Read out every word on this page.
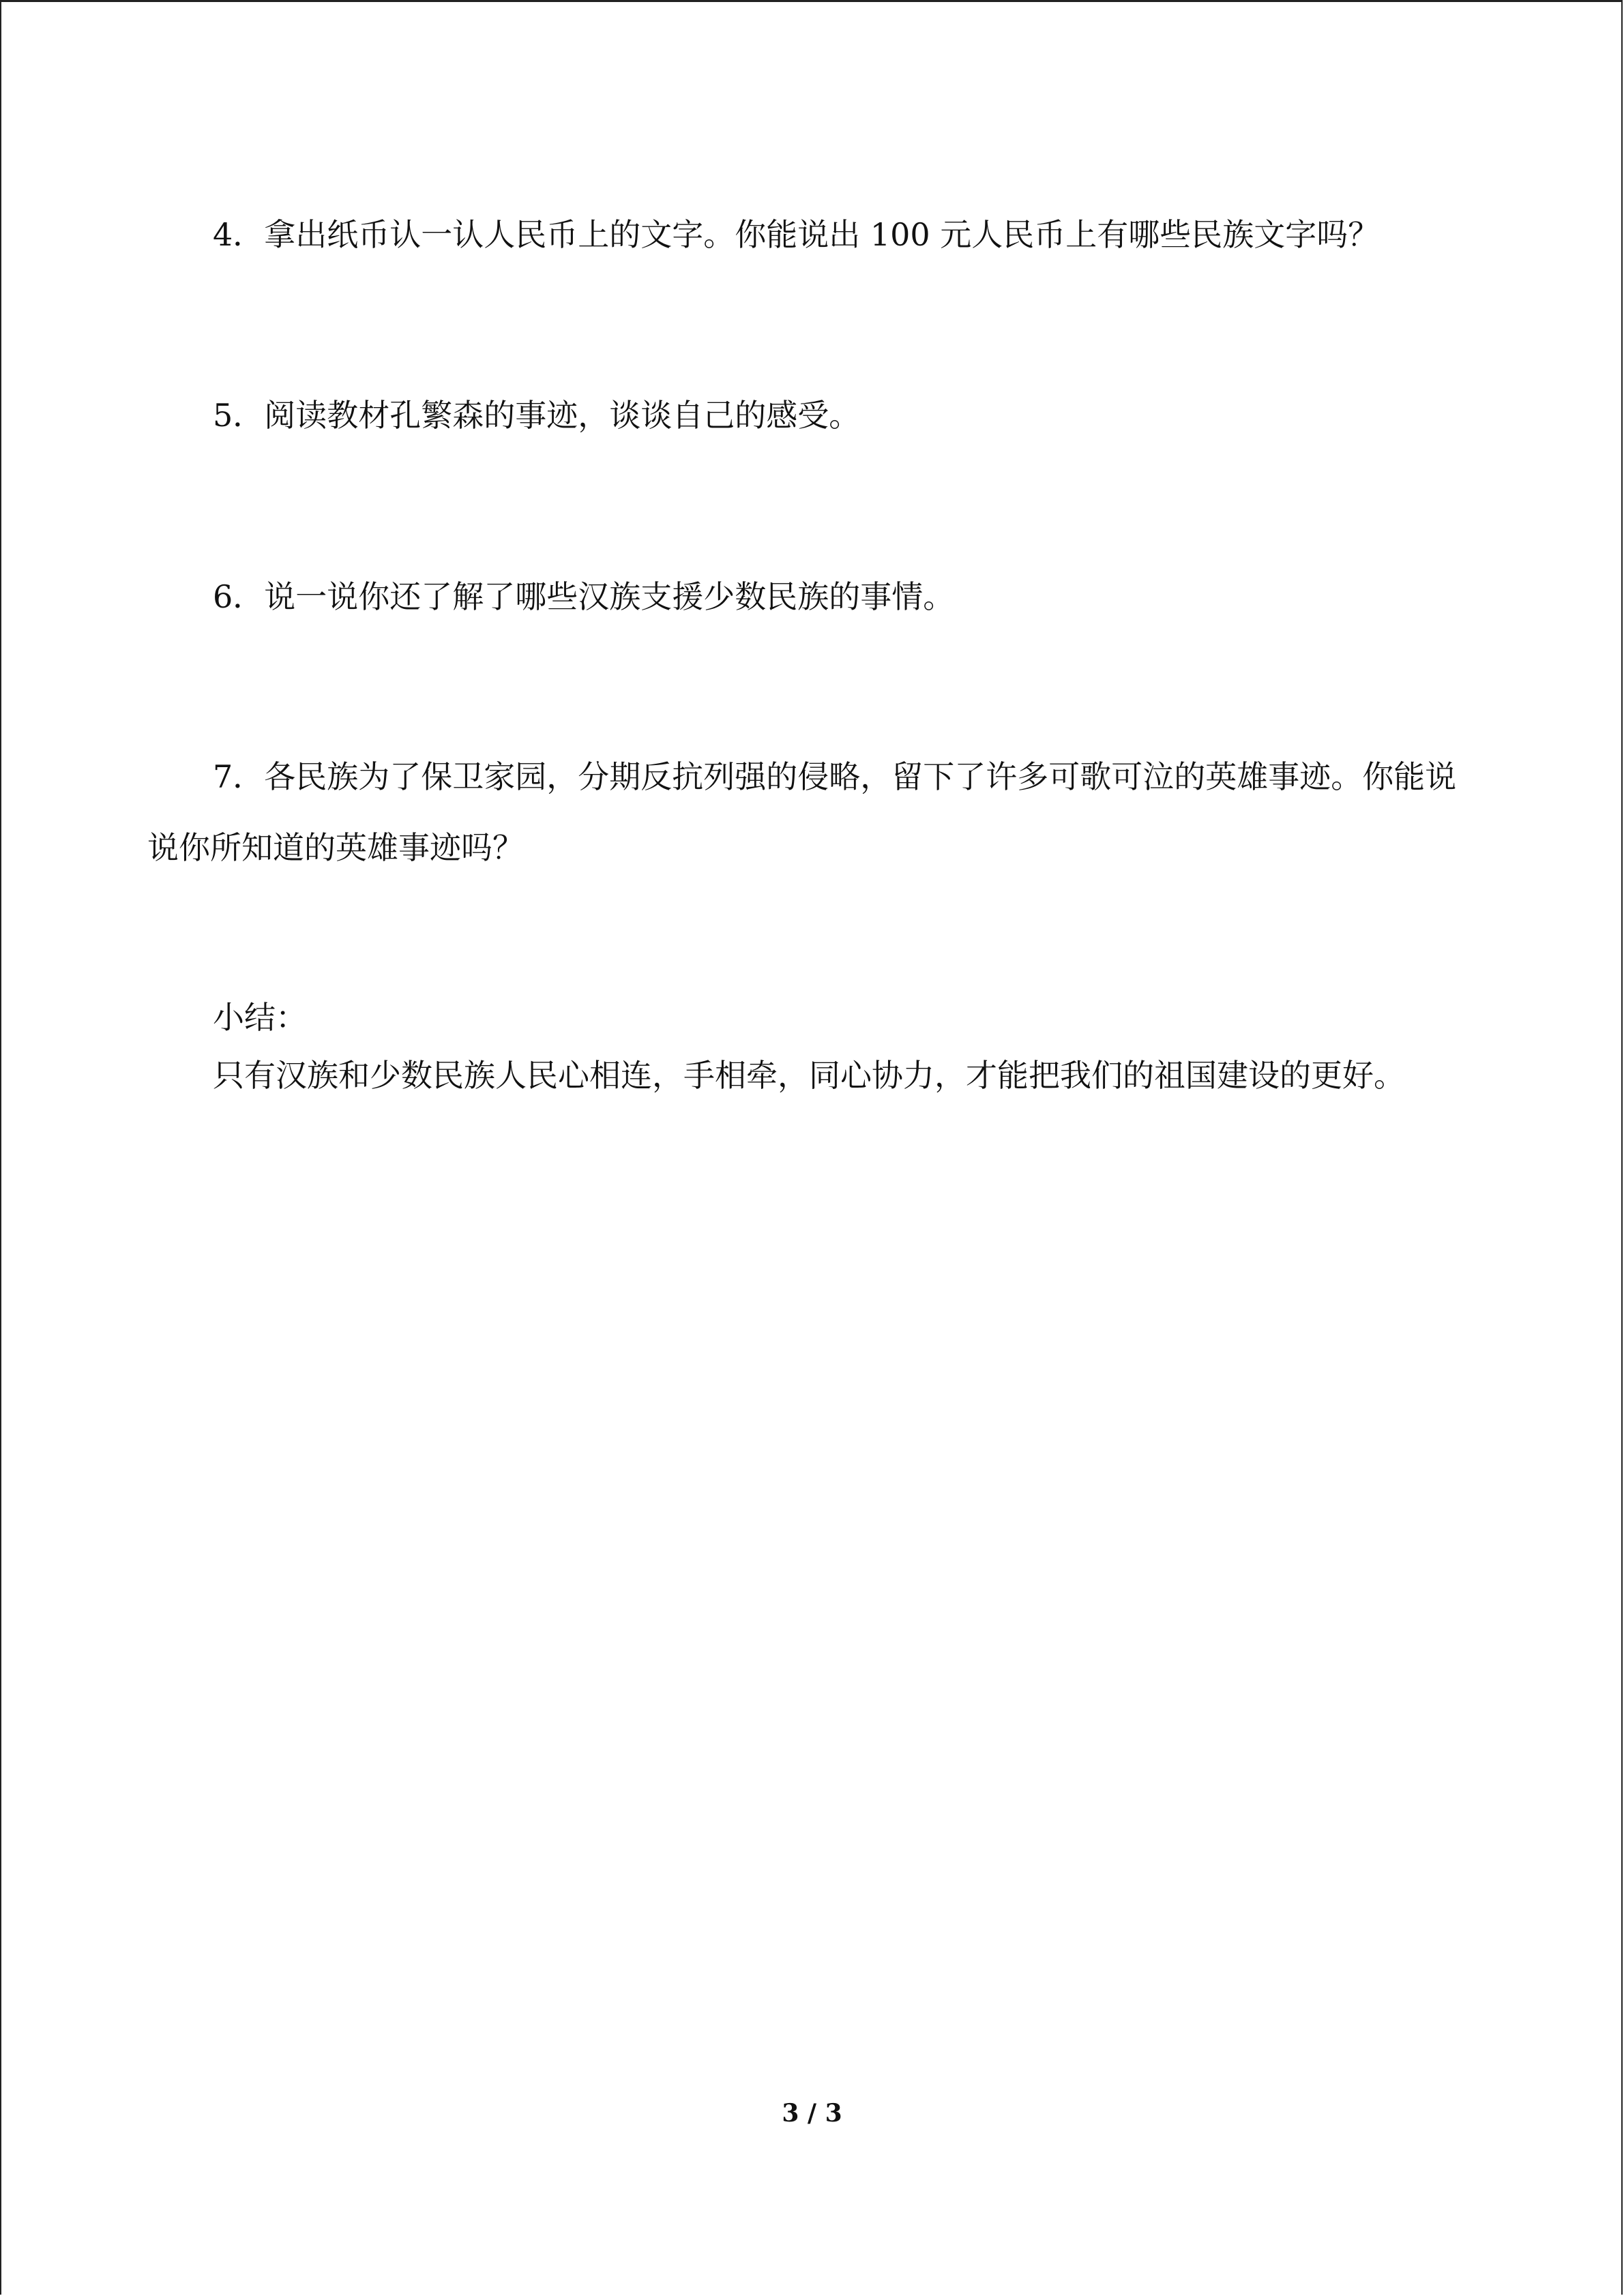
4．拿出纸币认一认人民币上的文字。你能说出 100 元人民币上有哪些民族文字吗？

5．阅读教材孔繁森的事迹，谈谈自己的感受。

6．说一说你还了解了哪些汉族支援少数民族的事情。

7．各民族为了保卫家园，分期反抗列强的侵略，留下了许多可歌可泣的英雄事迹。你能说说你所知道的英雄事迹吗？

小结：

只有汉族和少数民族人民心相连，手相牵，同心协力，才能把我们的祖国建设的更好。

3 / 3
